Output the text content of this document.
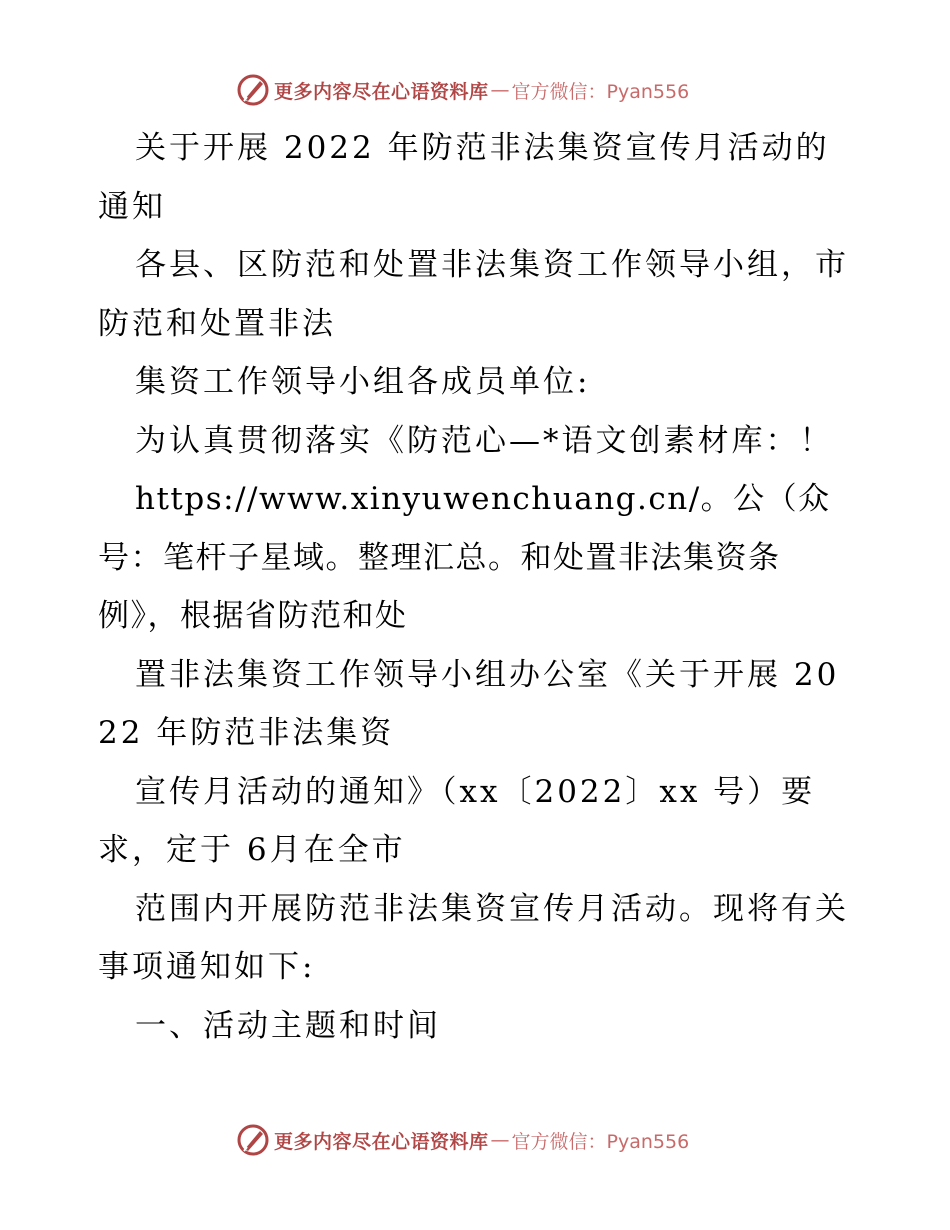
更多内容尽在心语资料库 — 官方微信：Pyan556

关于开展 2022 年防范非法集资宣传月活动的通知

各县、区防范和处置非法集资工作领导小组，市防范和处置非法

集资工作领导小组各成员单位:

为认真贯彻落实《防范心—*语文创素材库：！

https://www.xinyuwenchuang.cn/。公（众号：笔杆子星域。整理汇总。和处置非法集资条例》，根据省防范和处

置非法集资工作领导小组办公室《关于开展 2022 年防范非法集资

宣传月活动的通知》（xx〔2022〕xx 号）要求，定于 6月在全市

范围内开展防范非法集资宣传月活动。现将有关事项通知如下:

一、活动主题和时间

更多内容尽在心语资料库 — 官方微信：Pyan556
